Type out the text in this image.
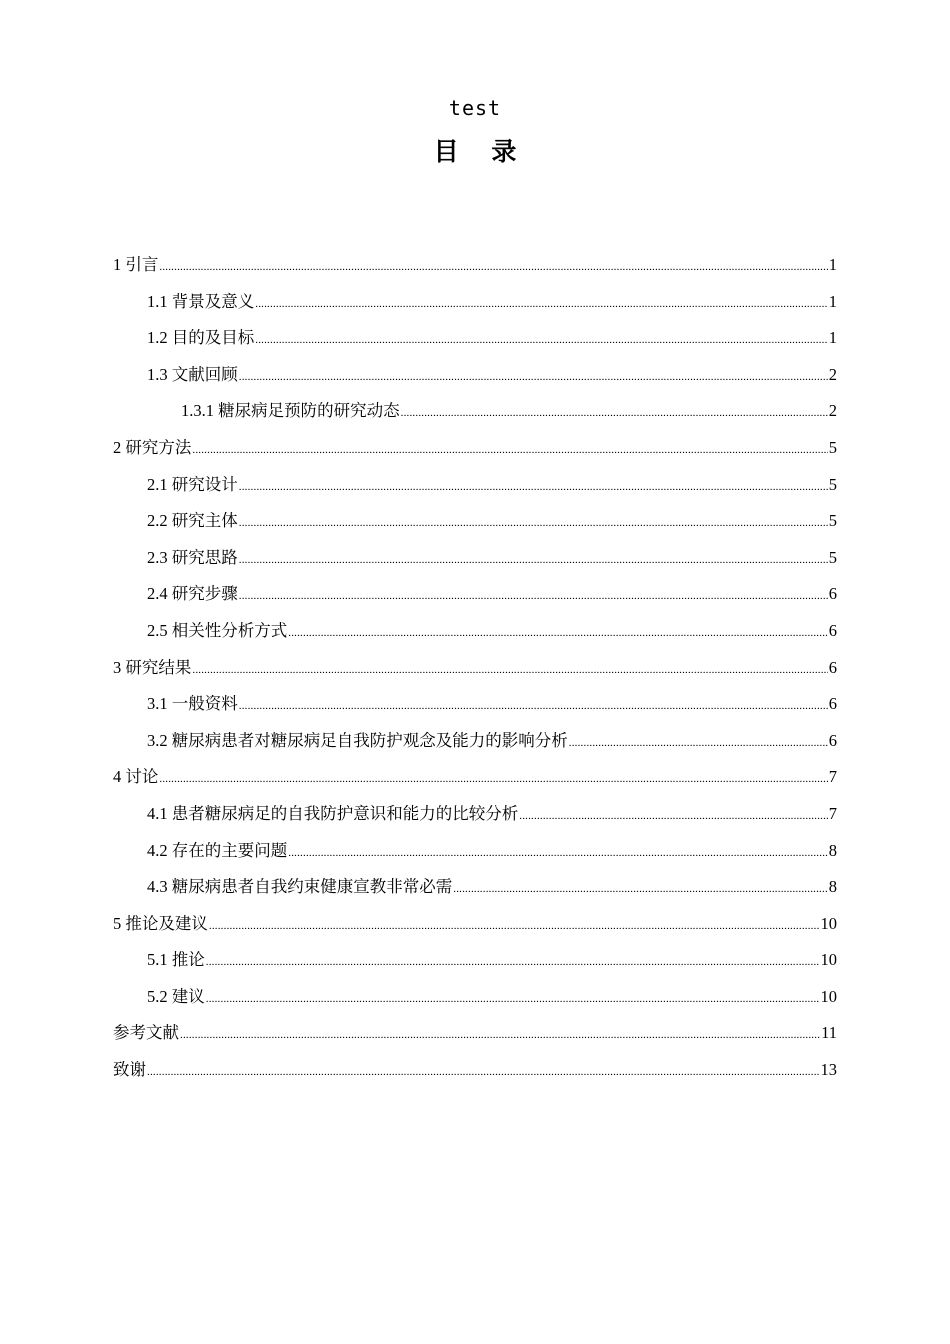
test
目 录
1 引言 .....	1
1.1 背景及意义 .....	1
1.2 目的及目标 .....	1
1.3 文献回顾 .....	2
1.3.1 糖尿病足预防的研究动态 .....	2
2 研究方法 .....	5
2.1 研究设计 .....	5
2.2 研究主体 .....	5
2.3 研究思路 .....	5
2.4 研究步骤 .....	6
2.5 相关性分析方式 .....	6
3 研究结果 .....	6
3.1 一般资料 .....	6
3.2 糖尿病患者对糖尿病足自我防护观念及能力的影响分析 .....	6
4 讨论 .....	7
4.1 患者糖尿病足的自我防护意识和能力的比较分析 .....	7
4.2 存在的主要问题 .....	8
4.3 糖尿病患者自我约束健康宣教非常必需 .....	8
5 推论及建议 .....	10
5.1 推论 .....	10
5.2 建议 .....	10
参考文献 .....	11
致谢 .....	13
